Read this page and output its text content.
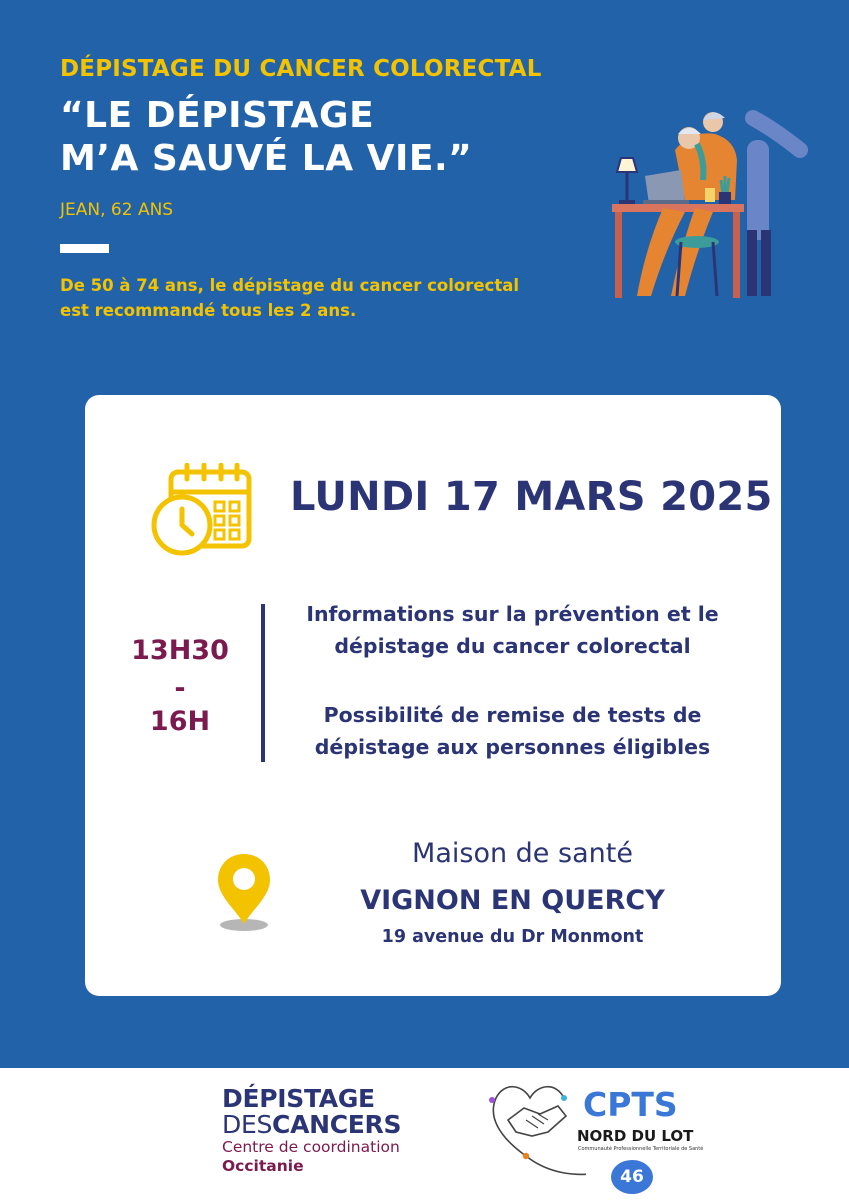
DÉPISTAGE DU CANCER COLORECTAL
“LE DÉPISTAGE
M’A SAUVÉ LA VIE.”
JEAN, 62 ANS
De 50 à 74 ans, le dépistage du cancer colorectal
est recommandé tous les 2 ans.
LUNDI 17 MARS 2025
13H30
-
16H
Informations sur la prévention et le
dépistage du cancer colorectal
Possibilité de remise de tests de
dépistage aux personnes éligibles
Maison de santé
VIGNON EN QUERCY
19 avenue du Dr Monmont
DÉPISTAGE
DESCANCERS
Centre de coordination
Occitanie
CPTS
NORD DU LOT
Communauté Professionnelle Territoriale de Santé
46
